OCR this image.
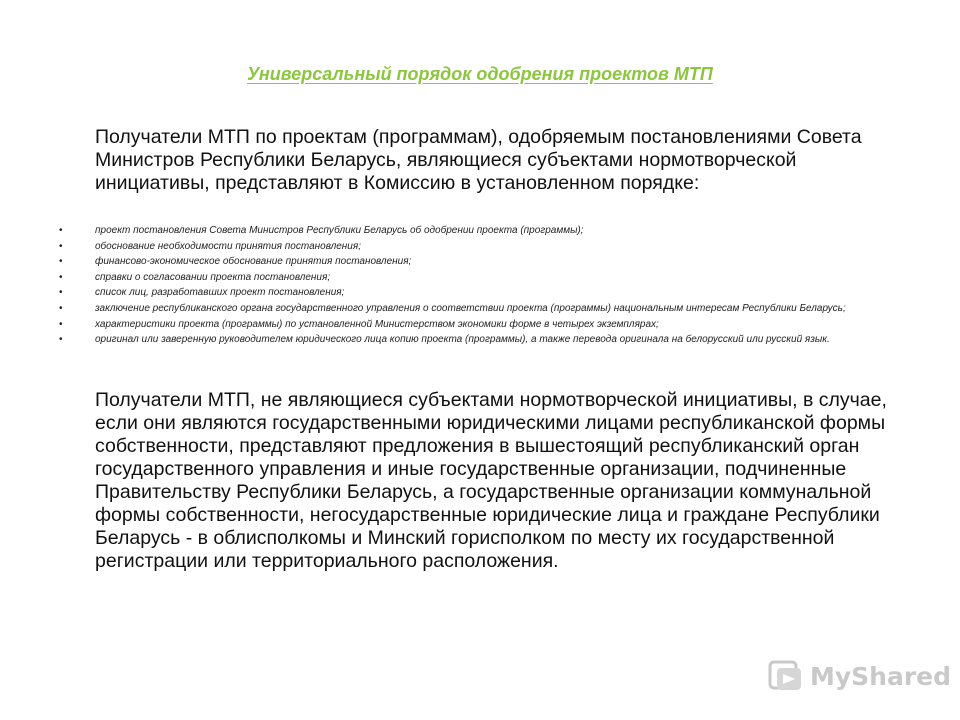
Универсальный порядок одобрения проектов МТП

Получатели МТП по проектам (программам), одобряемым постановлениями Совета Министров Республики Беларусь, являющиеся субъектами нормотворческой инициативы, представляют в Комиссию в установленном порядке:

•	проект постановления Совета Министров Республики Беларусь об одобрении проекта (программы);
•	обоснование необходимости принятия постановления;
•	финансово-экономическое обоснование принятия постановления;
•	справки о согласовании проекта постановления;
•	список лиц, разработавших проект постановления;
•	заключение республиканского органа государственного управления о соответствии проекта (программы) национальным интересам Республики Беларусь;
•	характеристики проекта (программы) по установленной Министерством экономики форме в четырех экземплярах;
•	оригинал или заверенную руководителем юридического лица копию проекта (программы), а также перевода оригинала на белорусский или русский язык.

Получатели МТП, не являющиеся субъектами нормотворческой инициативы, в случае, если они являются государственными юридическими лицами республиканской формы собственности, представляют предложения в вышестоящий республиканский орган государственного управления и иные государственные организации, подчиненные Правительству Республики Беларусь, а государственные организации коммунальной формы собственности, негосударственные юридические лица и граждане Республики Беларусь - в облисполкомы и Минский горисполком по месту их государственной регистрации или территориального расположения.

MyShared
